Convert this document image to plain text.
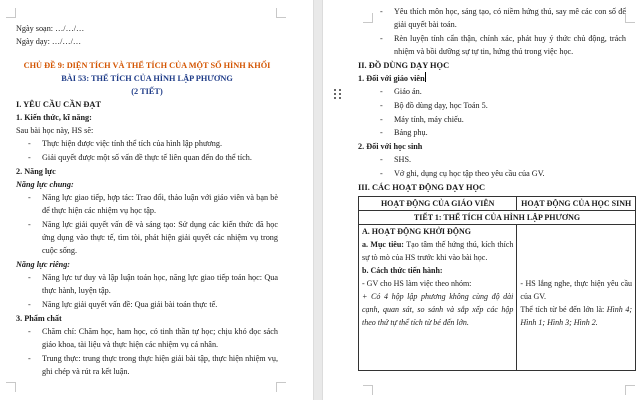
Ngày soạn: …/…/…
Ngày dạy: …/…/…
CHỦ ĐỀ 9: DIỆN TÍCH VÀ THỂ TÍCH CỦA MỘT SỐ HÌNH KHỐI
BÀI 53: THỂ TÍCH CỦA HÌNH LẬP PHƯƠNG
(2 TIẾT)
I. YÊU CẦU CẦN ĐẠT
1. Kiến thức, kĩ năng:
Sau bài học này, HS sẽ:
- Thực hiện được việc tính thể tích của hình lập phương.
- Giải quyết được một số vấn đề thực tế liên quan đến đo thể tích.
2. Năng lực
Năng lực chung:
- Năng lực giao tiếp, hợp tác: Trao đổi, thảo luận với giáo viên và bạn bè để thực hiện các nhiệm vụ học tập.
- Năng lực giải quyết vấn đề và sáng tạo: Sử dụng các kiến thức đã học ứng dụng vào thực tế, tìm tòi, phát hiện giải quyết các nhiệm vụ trong cuộc sống.
Năng lực riêng:
- Năng lực tư duy và lập luận toán học, năng lực giao tiếp toán học: Qua thực hành, luyện tập.
- Năng lực giải quyết vấn đề: Qua giải bài toán thực tế.
3. Phẩm chất
- Chăm chỉ: Chăm học, ham học, có tinh thần tự học; chịu khó đọc sách giáo khoa, tài liệu và thực hiện các nhiệm vụ cá nhân.
- Trung thực: trung thực trong thực hiện giải bài tập, thực hiện nhiệm vụ, ghi chép và rút ra kết luận.
- Yêu thích môn học, sáng tạo, có niềm hứng thú, say mê các con số để giải quyết bài toán.
- Rèn luyện tính cẩn thận, chính xác, phát huy ý thức chủ động, trách nhiệm và bồi dưỡng sự tự tin, hứng thú trong việc học.
II. ĐỒ DÙNG DẠY HỌC
1. Đối với giáo viên
- Giáo án.
- Bộ đồ dùng dạy, học Toán 5.
- Máy tính, máy chiếu.
- Bảng phụ.
2. Đối với học sinh
- SHS.
- Vở ghi, dụng cụ học tập theo yêu cầu của GV.
III. CÁC HOẠT ĐỘNG DẠY HỌC
HOẠT ĐỘNG CỦA GIÁO VIÊN	HOẠT ĐỘNG CỦA HỌC SINH
TIẾT 1: THỂ TÍCH CỦA HÌNH LẬP PHƯƠNG	

A. HOẠT ĐỘNG KHỞI ĐỘNG
a. Mục tiêu: Tạo tâm thế hứng thú, kích thích sự tò mò của HS trước khi vào bài học.
b. Cách thức tiến hành:
- GV cho HS làm việc theo nhóm:
+ Có 4 hộp lập phương không cùng độ dài cạnh, quan sát, so sánh và sắp xếp các hộp theo thứ tự thể tích từ bé đến lớn.

- HS lắng nghe, thực hiện yêu cầu của GV.
Thể tích từ bé đến lớn là: Hình 4; Hình 1; Hình 3; Hình 2.
